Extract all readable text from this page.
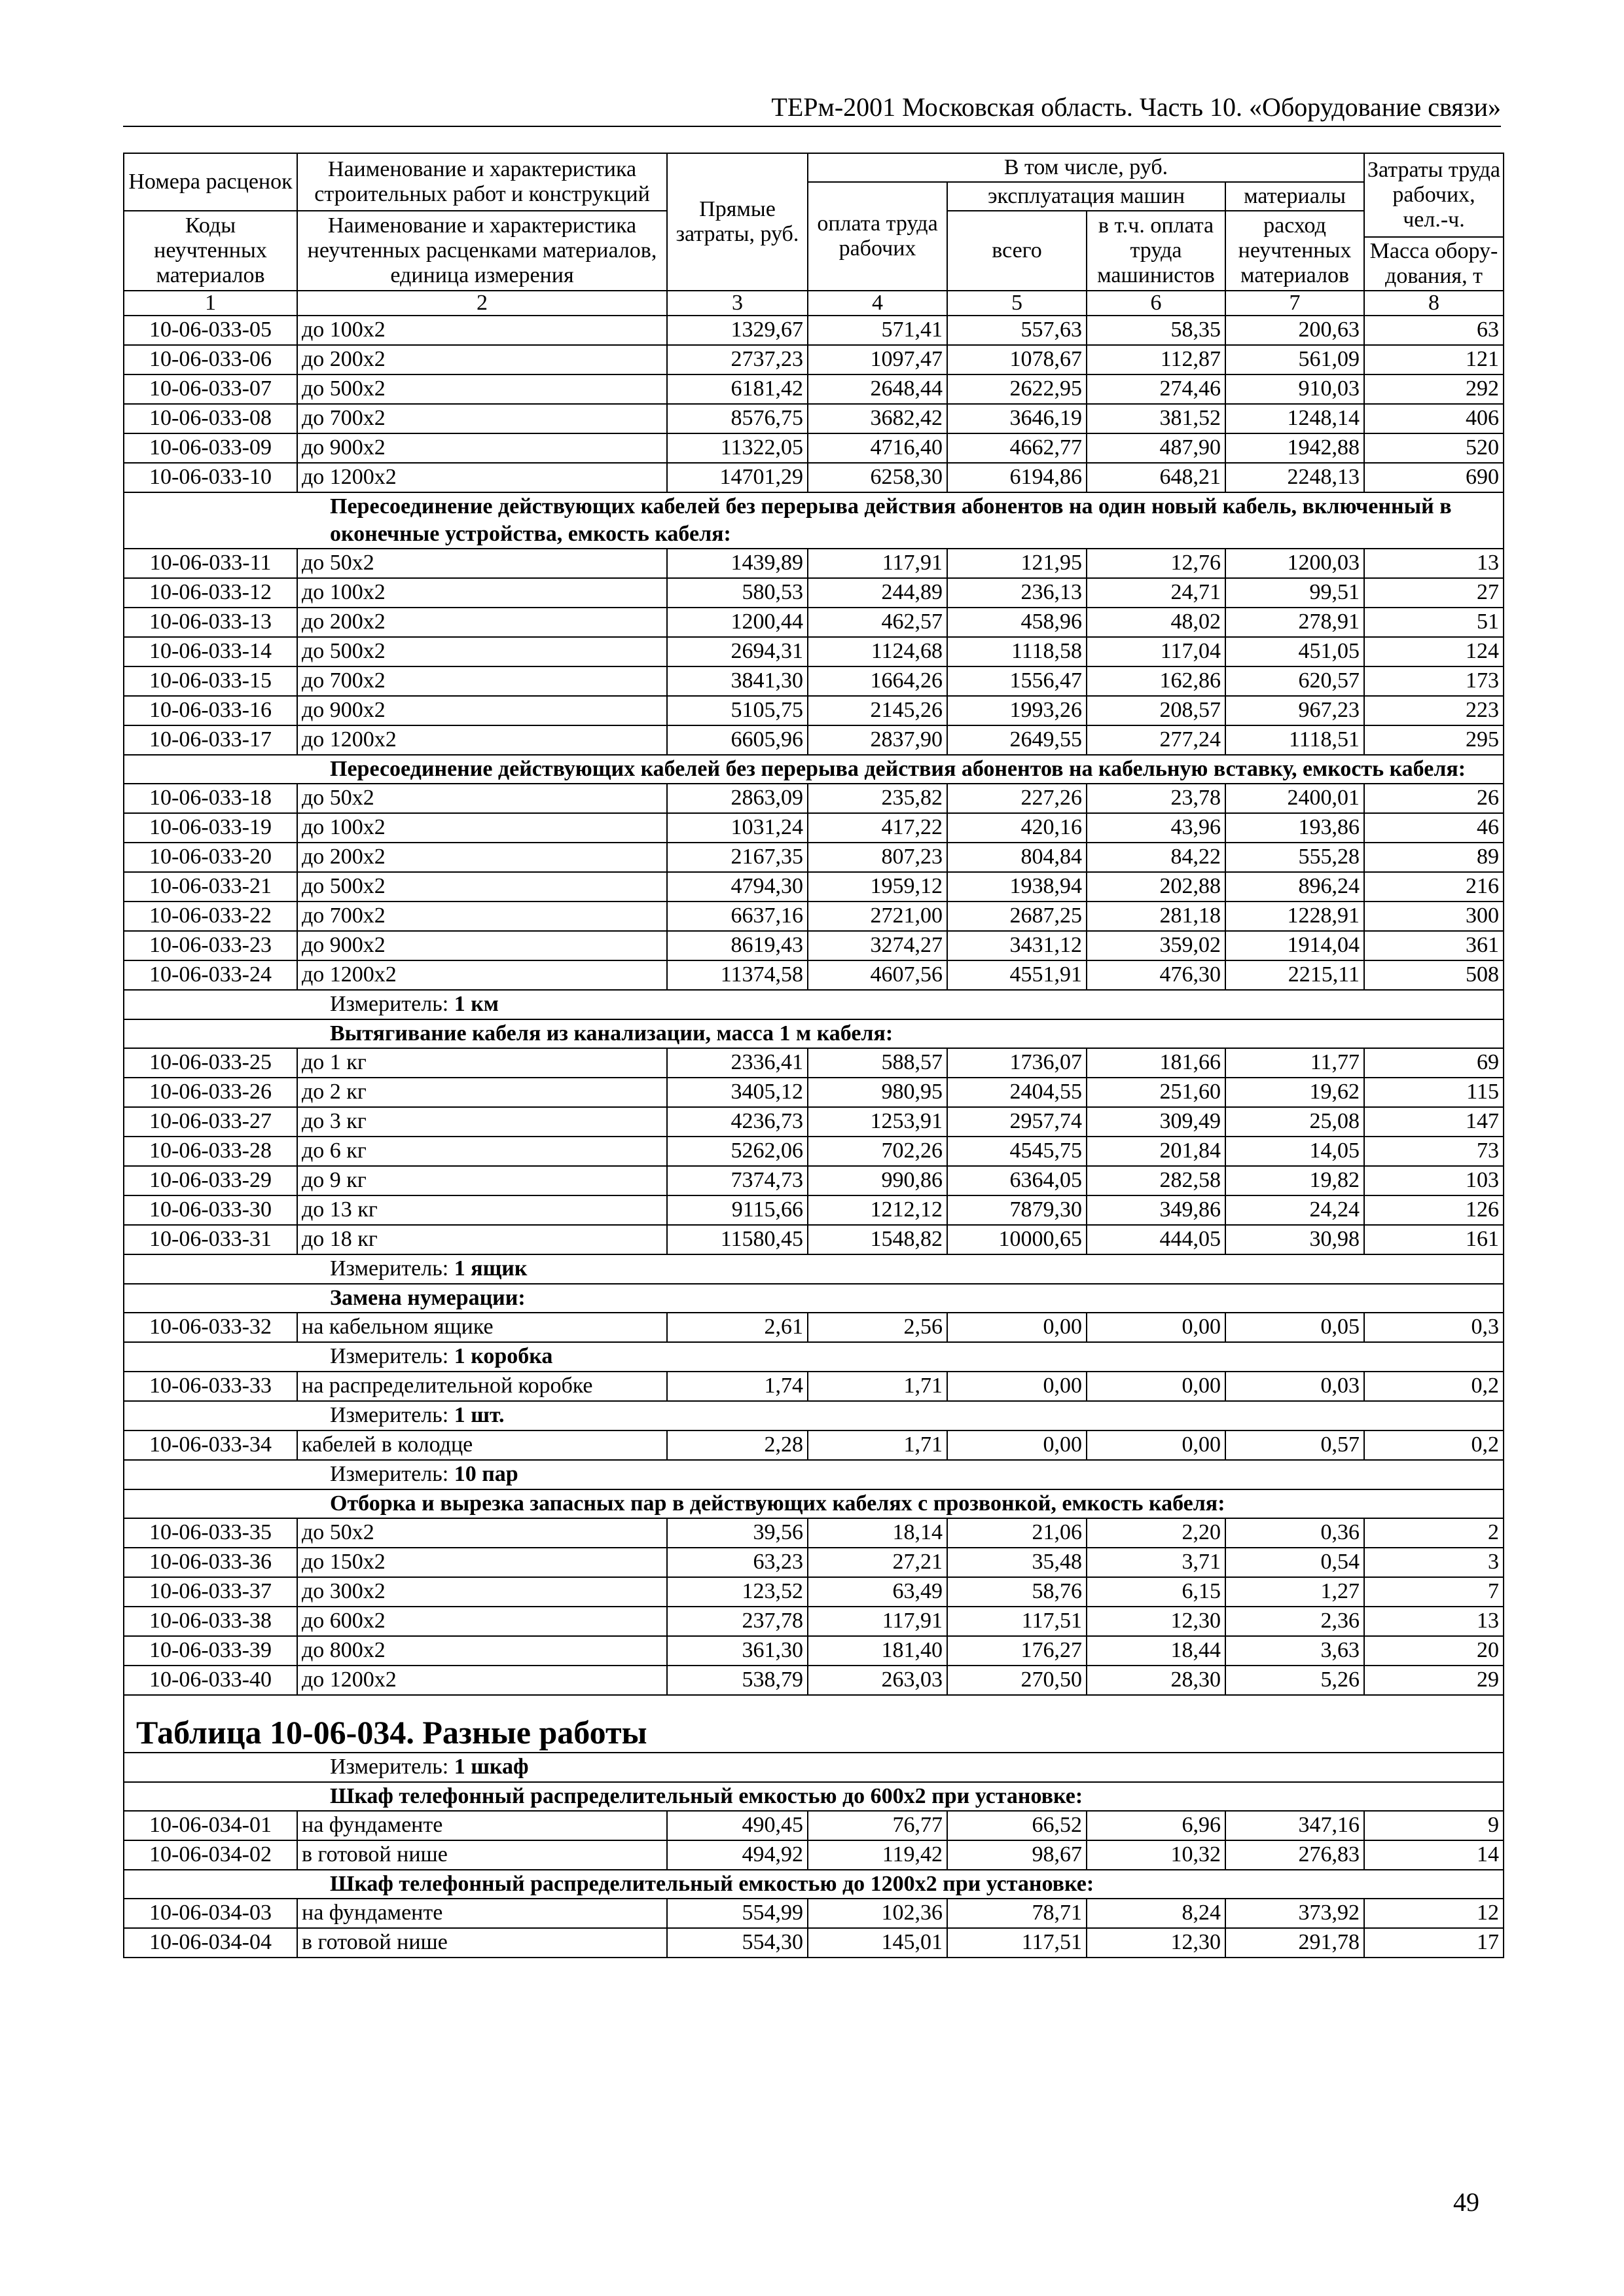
ТЕРм-2001 Московская область. Часть 10. «Оборудование связи»
Номера расценок	Наименование и характеристика строительных работ и конструкций	Прямые затраты, руб.	В том числе, руб.				Затраты труда рабочих, чел.-ч.
			оплата труда рабочих	эксплуатация машин		материалы	
Коды неучтенных материалов	Наименование и характеристика неучтенных расценками материалов, единица измерения			всего	в т.ч. оплата труда машинистов	расход неучтенных материалов	
							Масса обору-дования, т
1	2	3	4	5	6	7	8
10-06-033-05	до 100х2	1329,67	571,41	557,63	58,35	200,63	63
10-06-033-06	до 200х2	2737,23	1097,47	1078,67	112,87	561,09	121
10-06-033-07	до 500х2	6181,42	2648,44	2622,95	274,46	910,03	292
10-06-033-08	до 700х2	8576,75	3682,42	3646,19	381,52	1248,14	406
10-06-033-09	до 900х2	11322,05	4716,40	4662,77	487,90	1942,88	520
10-06-033-10	до 1200х2	14701,29	6258,30	6194,86	648,21	2248,13	690
	Пересоединение действующих кабелей без перерыва действия абонентов на один новый кабель, включенный в оконечные устройства, емкость кабеля:						
10-06-033-11	до 50х2	1439,89	117,91	121,95	12,76	1200,03	13
10-06-033-12	до 100х2	580,53	244,89	236,13	24,71	99,51	27
10-06-033-13	до 200х2	1200,44	462,57	458,96	48,02	278,91	51
10-06-033-14	до 500х2	2694,31	1124,68	1118,58	117,04	451,05	124
10-06-033-15	до 700х2	3841,30	1664,26	1556,47	162,86	620,57	173
10-06-033-16	до 900х2	5105,75	2145,26	1993,26	208,57	967,23	223
10-06-033-17	до 1200х2	6605,96	2837,90	2649,55	277,24	1118,51	295
	Пересоединение действующих кабелей без перерыва действия абонентов на кабельную вставку, емкость кабеля:						
10-06-033-18	до 50х2	2863,09	235,82	227,26	23,78	2400,01	26
10-06-033-19	до 100х2	1031,24	417,22	420,16	43,96	193,86	46
10-06-033-20	до 200х2	2167,35	807,23	804,84	84,22	555,28	89
10-06-033-21	до 500х2	4794,30	1959,12	1938,94	202,88	896,24	216
10-06-033-22	до 700х2	6637,16	2721,00	2687,25	281,18	1228,91	300
10-06-033-23	до 900х2	8619,43	3274,27	3431,12	359,02	1914,04	361
10-06-033-24	до 1200х2	11374,58	4607,56	4551,91	476,30	2215,11	508
	Измеритель: 1 км						
	Вытягивание кабеля из канализации, масса 1 м кабеля:						
10-06-033-25	до 1 кг	2336,41	588,57	1736,07	181,66	11,77	69
10-06-033-26	до 2 кг	3405,12	980,95	2404,55	251,60	19,62	115
10-06-033-27	до 3 кг	4236,73	1253,91	2957,74	309,49	25,08	147
10-06-033-28	до 6 кг	5262,06	702,26	4545,75	201,84	14,05	73
10-06-033-29	до 9 кг	7374,73	990,86	6364,05	282,58	19,82	103
10-06-033-30	до 13 кг	9115,66	1212,12	7879,30	349,86	24,24	126
10-06-033-31	до 18 кг	11580,45	1548,82	10000,65	444,05	30,98	161
	Измеритель: 1 ящик						
	Замена нумерации:						
10-06-033-32	на кабельном ящике	2,61	2,56	0,00	0,00	0,05	0,3
	Измеритель: 1 коробка						
10-06-033-33	на распределительной коробке	1,74	1,71	0,00	0,00	0,03	0,2
	Измеритель: 1 шт.						
10-06-033-34	кабелей в колодце	2,28	1,71	0,00	0,00	0,57	0,2
	Измеритель: 10 пар						
	Отборка и вырезка запасных пар в действующих кабелях с прозвонкой, емкость кабеля:						
10-06-033-35	до 50х2	39,56	18,14	21,06	2,20	0,36	2
10-06-033-36	до 150х2	63,23	27,21	35,48	3,71	0,54	3
10-06-033-37	до 300х2	123,52	63,49	58,76	6,15	1,27	7
10-06-033-38	до 600х2	237,78	117,91	117,51	12,30	2,36	13
10-06-033-39	до 800х2	361,30	181,40	176,27	18,44	3,63	20
10-06-033-40	до 1200х2	538,79	263,03	270,50	28,30	5,26	29
Таблица 10-06-034. Разные работы							
	Измеритель: 1 шкаф						
	Шкаф телефонный распределительный емкостью до 600х2 при установке:						
10-06-034-01	на фундаменте	490,45	76,77	66,52	6,96	347,16	9
10-06-034-02	в готовой нише	494,92	119,42	98,67	10,32	276,83	14
	Шкаф телефонный распределительный емкостью до 1200х2 при установке:						
10-06-034-03	на фундаменте	554,99	102,36	78,71	8,24	373,92	12
10-06-034-04	в готовой нише	554,30	145,01	117,51	12,30	291,78	17
49
